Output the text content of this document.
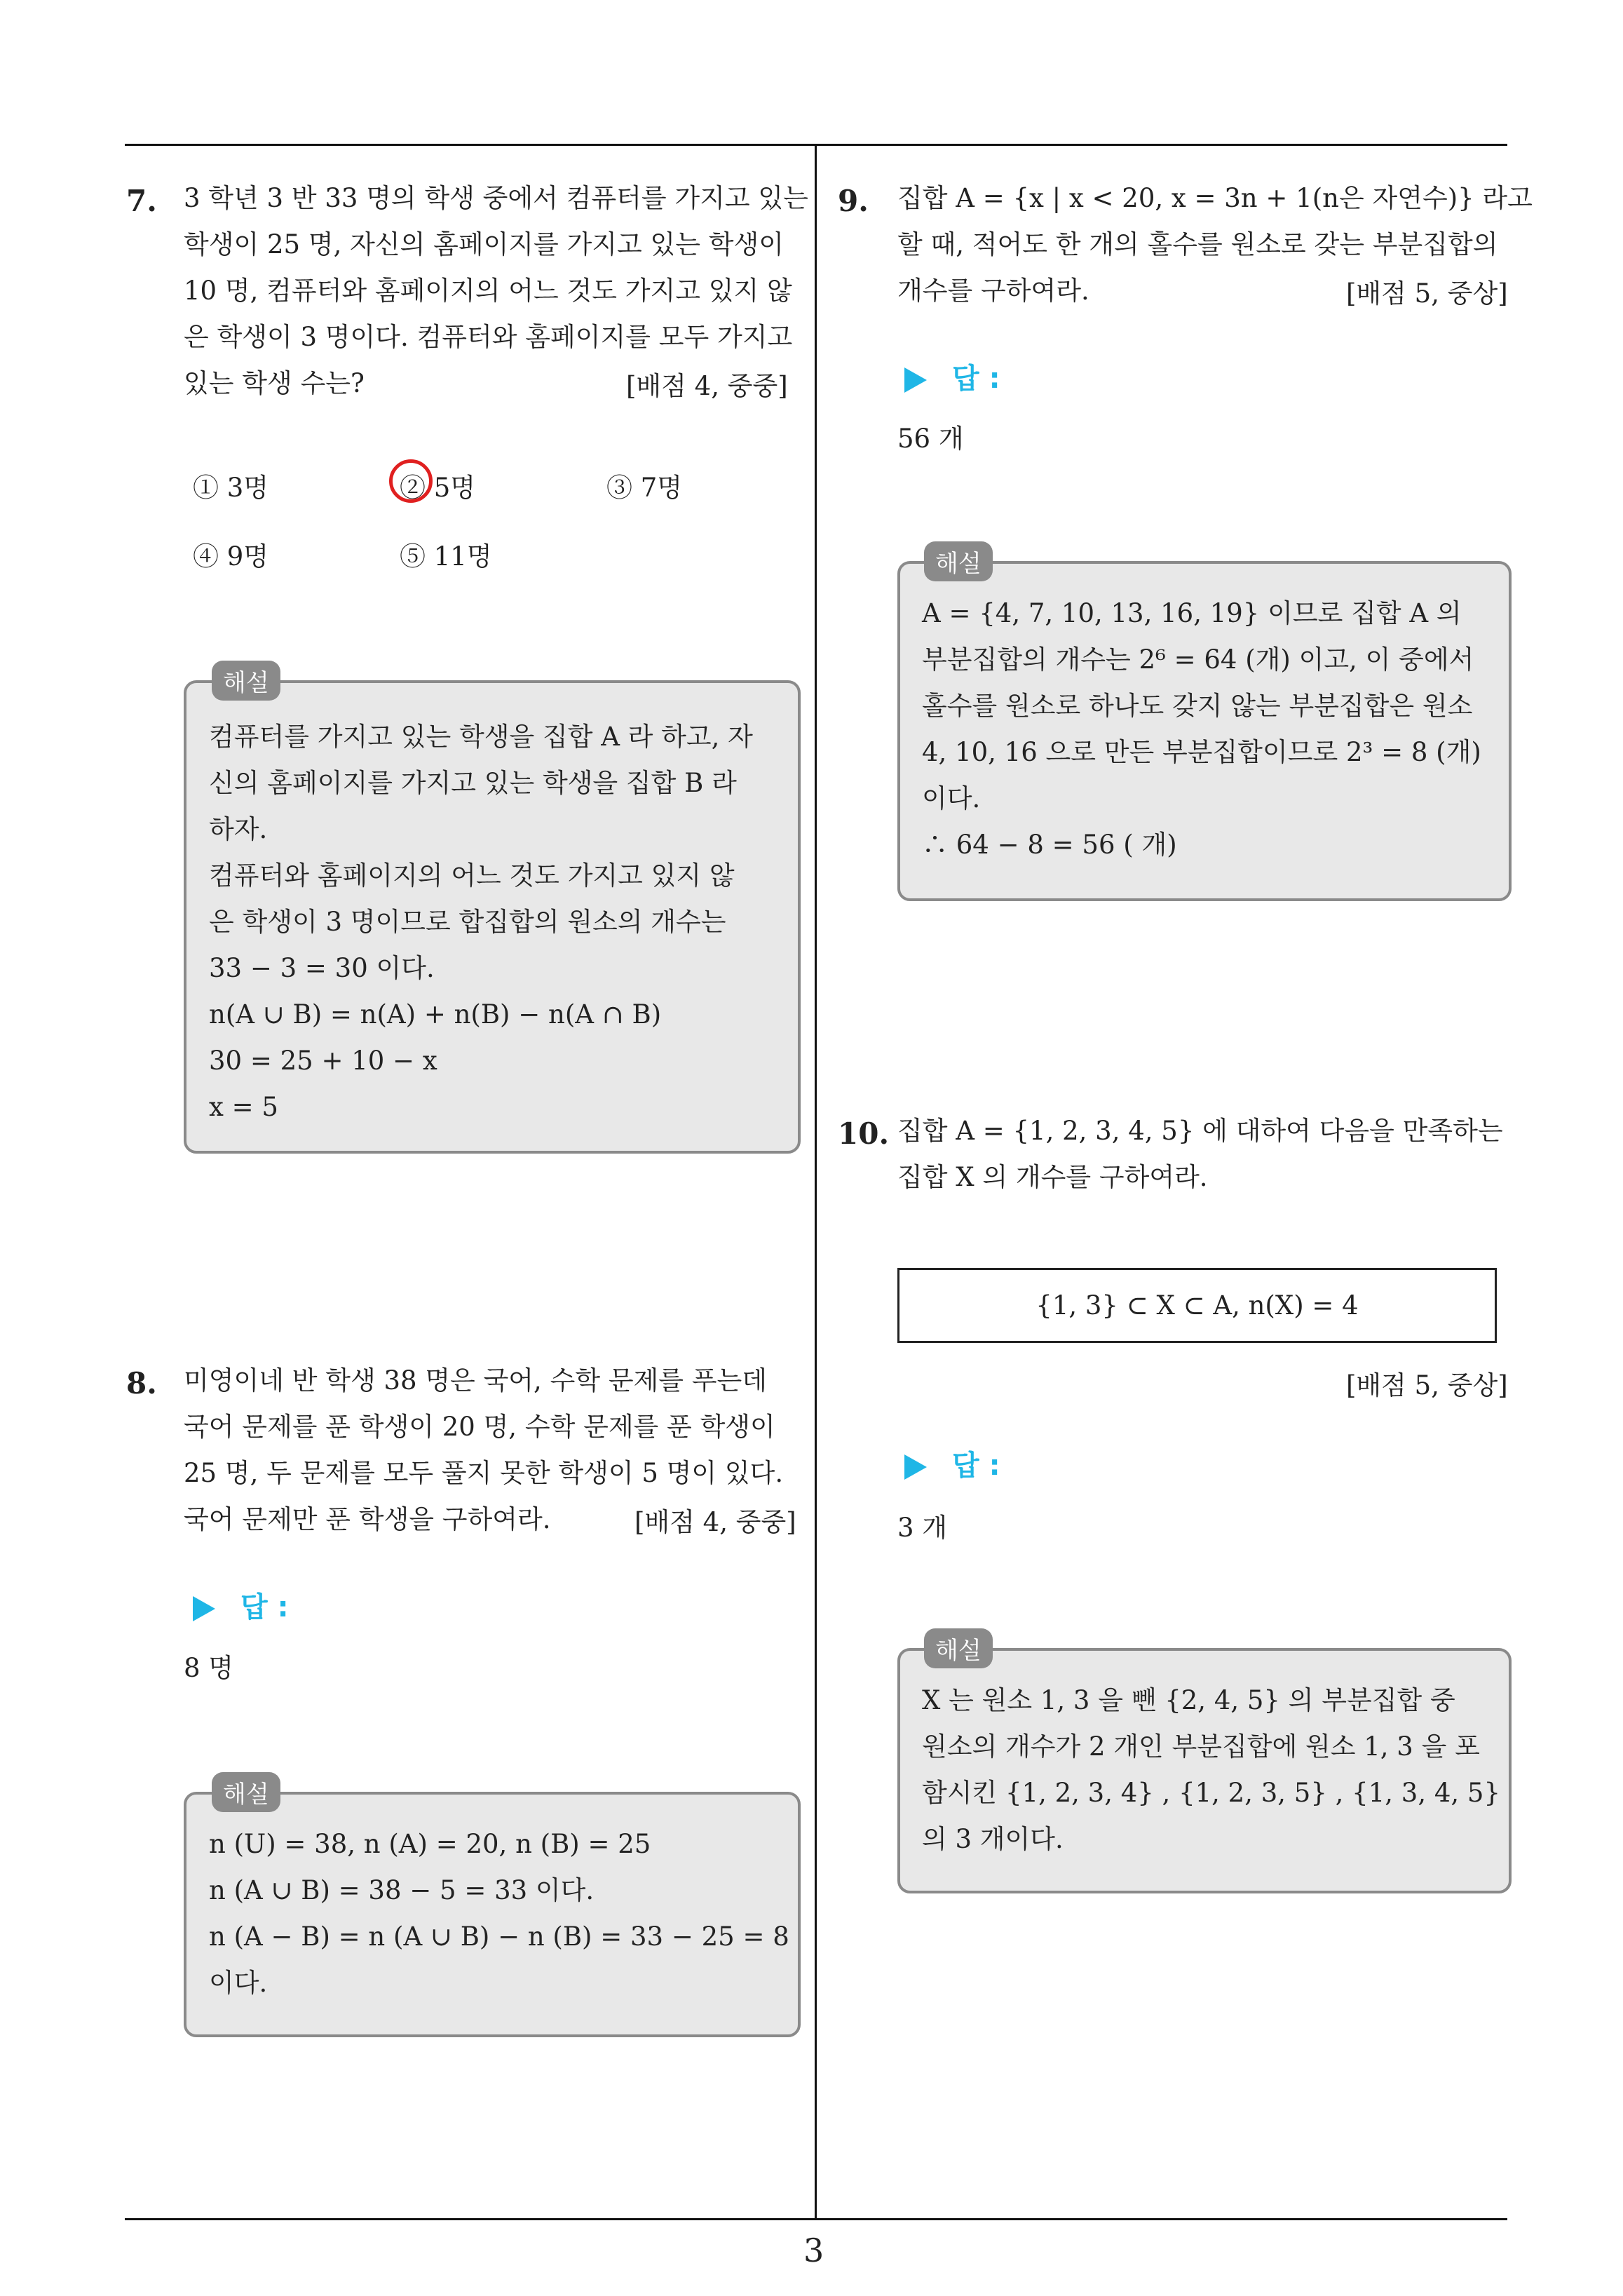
7. 3 학년 3 반 33 명의 학생 중에서 컴퓨터를 가지고 있는
학생이 25 명, 자신의 홈페이지를 가지고 있는 학생이
10 명, 컴퓨터와 홈페이지의 어느 것도 가지고 있지 않
은 학생이 3 명이다. 컴퓨터와 홈페이지를 모두 가지고
있는 학생 수는?	[배점 4, 중중]
① 3명	② 5명	③ 7명
④ 9명	⑤ 11명
해설
컴퓨터를 가지고 있는 학생을 집합 A 라 하고, 자
신의 홈페이지를 가지고 있는 학생을 집합 B 라
하자.
컴퓨터와 홈페이지의 어느 것도 가지고 있지 않
은 학생이 3 명이므로 합집합의 원소의 개수는
33 − 3 = 30 이다.
n(A ∪ B) = n(A) + n(B) − n(A ∩ B)
30 = 25 + 10 − x
x = 5
8. 미영이네 반 학생 38 명은 국어, 수학 문제를 푸는데
국어 문제를 푼 학생이 20 명, 수학 문제를 푼 학생이
25 명, 두 문제를 모두 풀지 못한 학생이 5 명이 있다.
국어 문제만 푼 학생을 구하여라.	[배점 4, 중중]
답 :
8 명
해설
n (U) = 38, n (A) = 20, n (B) = 25
n (A ∪ B) = 38 − 5 = 33 이다.
n (A − B) = n (A ∪ B) − n (B) = 33 − 25 = 8
이다.
9. 집합 A = {x | x < 20, x = 3n + 1(n은 자연수)} 라고
할 때, 적어도 한 개의 홀수를 원소로 갖는 부분집합의
개수를 구하여라.	[배점 5, 중상]
답 :
56 개
해설
A = {4, 7, 10, 13, 16, 19} 이므로 집합 A 의
부분집합의 개수는 2⁶ = 64 (개) 이고, 이 중에서
홀수를 원소로 하나도 갖지 않는 부분집합은 원소
4, 10, 16 으로 만든 부분집합이므로 2³ = 8 (개)
이다.
∴ 64 − 8 = 56 ( 개)
10. 집합 A = {1, 2, 3, 4, 5} 에 대하여 다음을 만족하는
집합 X 의 개수를 구하여라.
{1, 3} ⊂ X ⊂ A, n(X) = 4
[배점 5, 중상]
답 :
3 개
해설
X 는 원소 1, 3 을 뺀 {2, 4, 5} 의 부분집합 중
원소의 개수가 2 개인 부분집합에 원소 1, 3 을 포
함시킨 {1, 2, 3, 4} , {1, 2, 3, 5} , {1, 3, 4, 5}
의 3 개이다.
3
